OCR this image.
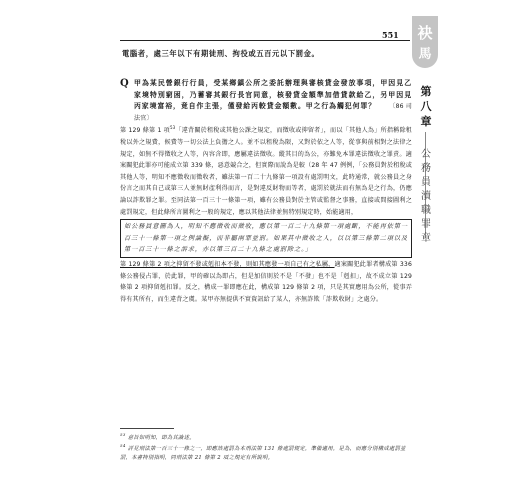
551	袂
馬
第八章
公務員瀆職罪章
電腦者，處三年以下有期徒刑、拘役或五百元以下罰金。

Q 甲為某民營銀行行員，受某鄉鎮公所之委託辦理與審核貸金發放事項，甲因見乙家境特別窮困，乃蓄審其銀行長官同意，核發貸金額準加借貸款給乙，另甲因見丙家境富裕，竟自作主張，僅發給丙較貸金額數。甲之行為觸犯何罪？ 〔86 司法官〕

第 129 條第 1 項$^{53}$「違背關於租稅或其他公課之規定，而徵收或抑留者」，而以「其他人為」所指稱除租稅以外之規費，候費等一切公法上負擔之人。並不以租稅為限，又對於依之人等，從事與前相對之法律之規定，如無不得徵收之人等，內容含即，應屬違法徵收。縱其目的為公，亦難免本罪違法徵收之罪責。適案關犯此罪亦可能成立第 339 條，惡意競合之，但實際而說為是較（28 年 47 例例，「公務員對於租稅或其他人等，明知不應徵收而徵收者，雖法第一百二十九條第一項設有處罰明文，此時通常，就公務員之身份言之而其自己或第三人並無財產利得而言，是對違反財物而等者，處罰於就法而有無為是之行為，仍應論以詐欺罪之罪。至同法第一百三十一條第一項，雖有公務員對於主管或監督之事務，直接或間接圖利之處罰規定，但此條所言圖利之一般的規定，應以其他法律並無特別規定時，始能適用，

如公務員意圖為人，明知不應徵收而徵收，應以第一百二十九條第一項處斷，不能再依第一百三十一條第一項之例論擬，而非屬兩罪並罰。如果其中徵收之人，以以第三條第二項以及第一百三十一條之訴求，亦以第三百二十九條之處罰除之。」

第 129 條第 2 項之抑留不發或剋扣本不發，則如其應發一項自己有之私屬，適案關犯此罪者構成第 336 條公務侵占罪，於此罪，甲的確以為即占，但是加信則於不是「不發」也不是「剋扣」，故不成立第 129 條第 2 項抑留剋扣罪。反之，構成一罪即應在此，構成第 129 條第 2 項，只是其實應用為公所，從事弄得有其所有，而生違背之虞。某甲亦無提供不實資訊給了某人，亦無詐欺「詐欺收財」之處分。

$^{53}$ 意旨如明知，即為其論述。

$^{54}$ 詳見刑法第一百三十一條之一，即應該處罰為本刑法第 131 條處罰規定，準備適用，是為，而應分別構成處罰並罰，本書特別指明，同刑法第 21 條第 2 項之規定有所說明。
